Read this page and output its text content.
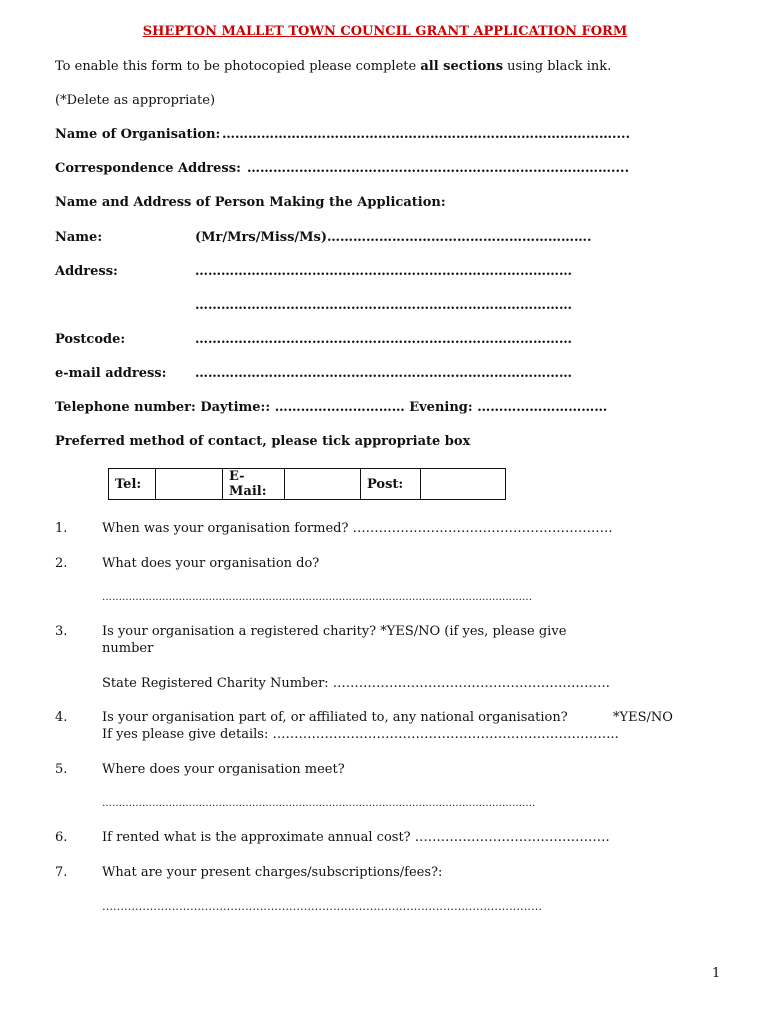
SHEPTON MALLET TOWN COUNCIL GRANT APPLICATION FORM
To enable this form to be photocopied please complete all sections using black ink.
(*Delete as appropriate)
Name of Organisation: ………………………………………………………………………………....
Correspondence Address: …………………………………………………………………………....
Name and Address of Person Making the Application:
Name:	(Mr/Mrs/Miss/Ms)…………………………………………………….
Address:	……………………………………………………………………………
……………………………………………………………………………
Postcode:	……………………………………………………………………………
e-mail address: ……………………………………………………………………………
Telephone number: Daytime:: ………………………… Evening: …………………………
Preferred method of contact, please tick appropriate box
Tel:		E-Mail:		Post:	
1.	When was your organisation formed? ……………………………………………………
2.	What does your organisation do?
…………………………………………………………………………………………………………………
3.	Is your organisation a registered charity? *YES/NO (if yes, please give
number
State Registered Charity Number: ……………………………………………………….
4.	Is your organisation part of, or affiliated to, any national organisation?	*YES/NO
If yes please give details: ……………………………………………………………………..
5.	Where does your organisation meet?
………………………………………………………………………………………………………………….
6.	If rented what is the approximate annual cost? ………………………………………
7.	What are your present charges/subscriptions/fees?:
…………………………………………………………………………………………………………
1
